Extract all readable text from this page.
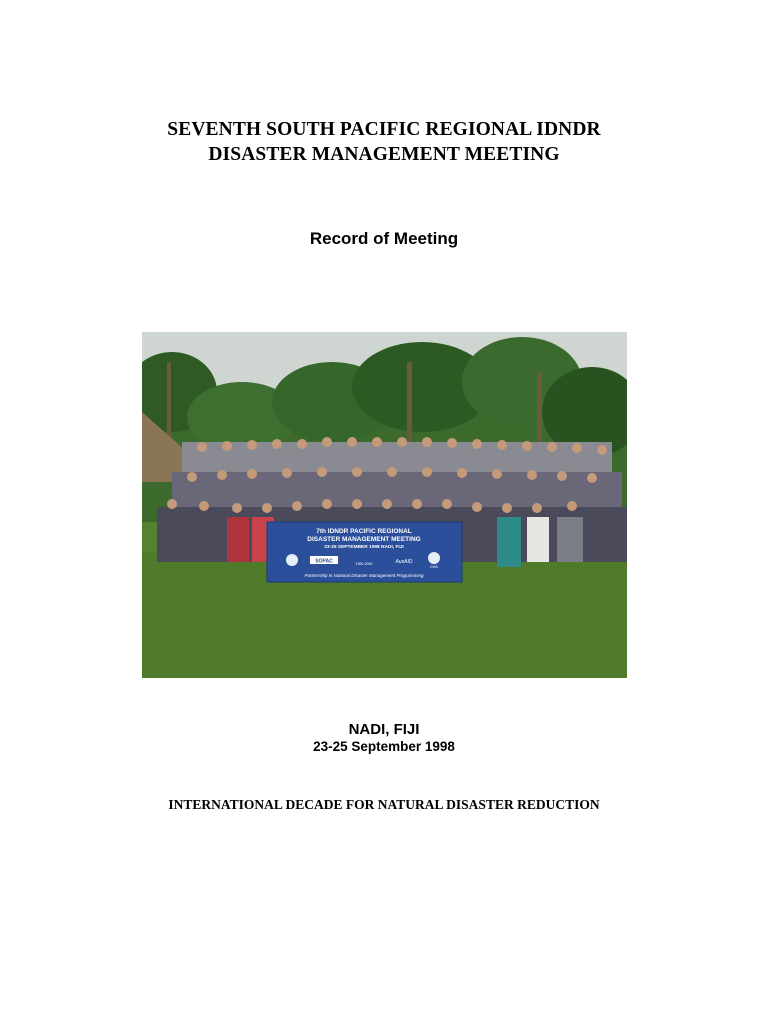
SEVENTH SOUTH PACIFIC REGIONAL IDNDR
DISASTER MANAGEMENT MEETING
Record of Meeting
7th IDNDR PACIFIC REGIONAL
DISASTER MANAGEMENT MEETING
23-25 SEPTEMBER 1998 NADI, FIJI
SOPAC	1990-2000	AusAID
DHA
Partnership in National Disaster Management Programming
NADI, FIJI
23-25 September 1998
INTERNATIONAL DECADE FOR NATURAL DISASTER REDUCTION
